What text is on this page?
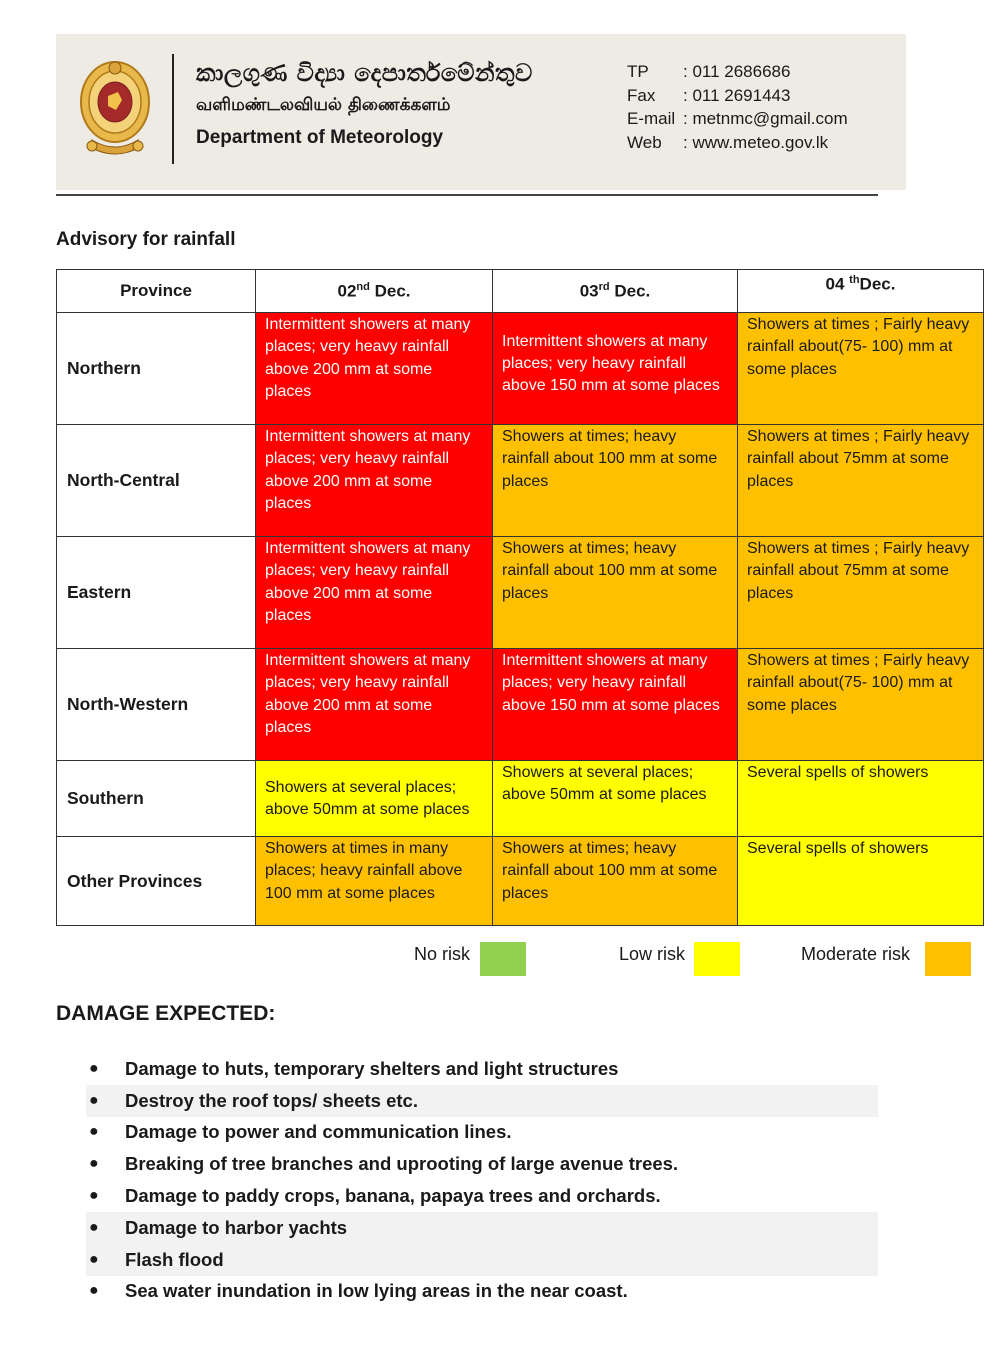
කාලගුණ විද්‍යා දෙපාර්තමේන්තුව
வளிமண்டலவியல் திணைக்களம்
Department of Meteorology
TP	: 011 2686686
Fax	: 011 2691443
E-mail : metnmc@gmail.com
Web	: www.meteo.gov.lk
Advisory for rainfall
Province	02nd Dec.	03rd Dec.	04 $^{th}$Dec.
Northern	Intermittent showers at many places; very heavy rainfall above 200 mm at some places	Intermittent showers at many places; very heavy rainfall above 150 mm at some places	Showers at times ; Fairly heavy rainfall about(75- 100) mm at some places
North-Central	Intermittent showers at many places; very heavy rainfall above 200 mm at some places	Showers at times; heavy rainfall about 100 mm at some places	Showers at times ; Fairly heavy rainfall about 75mm at some places
Eastern	Intermittent showers at many places; very heavy rainfall above 200 mm at some places	Showers at times; heavy rainfall about 100 mm at some places	Showers at times ; Fairly heavy rainfall about 75mm at some places
North-Western	Intermittent showers at many places; very heavy rainfall above 200 mm at some places	Intermittent showers at many places; very heavy rainfall above 150 mm at some places	Showers at times ; Fairly heavy rainfall about(75- 100) mm at some places
Southern	Showers at several places; above 50mm at some places	Showers at several places; above 50mm at some places	Several spells of showers
Other Provinces	Showers at times in many places; heavy rainfall above 100 mm at some places	Showers at times; heavy rainfall about 100 mm at some places	Several spells of showers
No risk	Low risk	Moderate risk
DAMAGE EXPECTED:
●	Damage to huts, temporary shelters and light structures
●	Destroy the roof tops/ sheets etc.
●	Damage to power and communication lines.
●	Breaking of tree branches and uprooting of large avenue trees.
●	Damage to paddy crops, banana, papaya trees and orchards.
●	Damage to harbor yachts
●	Flash flood
●	Sea water inundation in low lying areas in the near coast.
